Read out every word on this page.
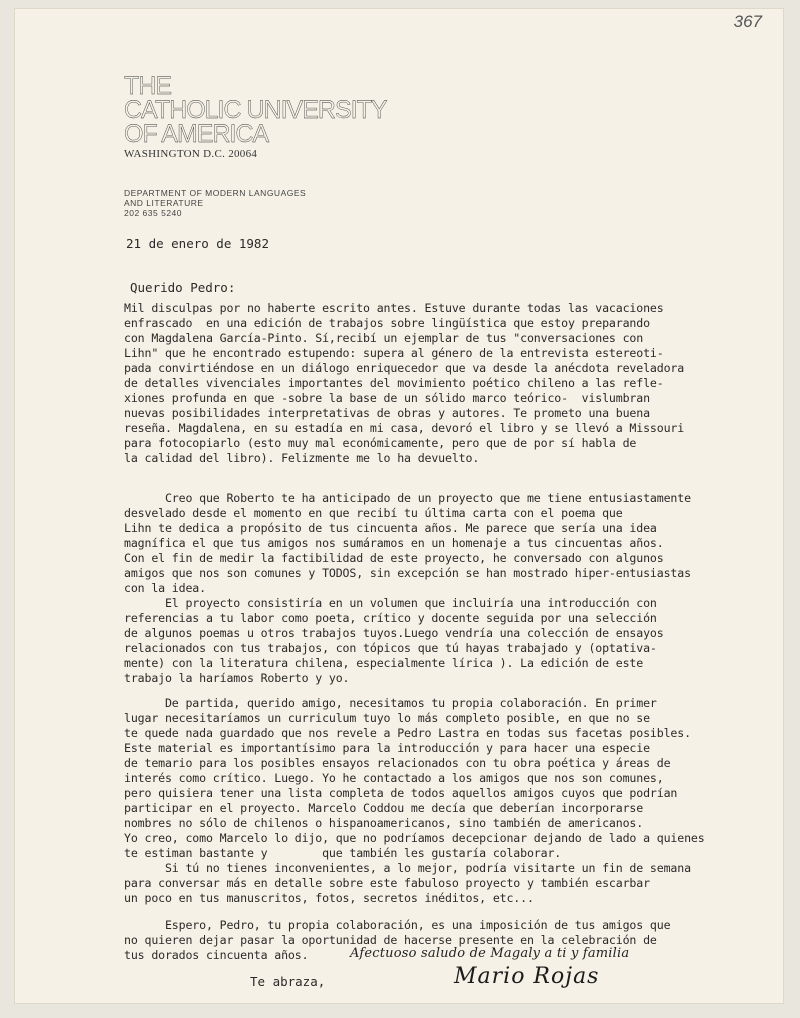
367
THE
CATHOLIC UNIVERSITY
OF AMERICA
WASHINGTON D.C. 20064
DEPARTMENT OF MODERN LANGUAGES
AND LITERATURE
202 635 5240
21 de enero de 1982
Querido Pedro:
Mil disculpas por no haberte escrito antes. Estuve durante todas las vacaciones
enfrascado  en una edición de trabajos sobre lingüística que estoy preparando
con Magdalena García-Pinto. Sí,recibí un ejemplar de tus "conversaciones con
Lihn" que he encontrado estupendo: supera al género de la entrevista estereoti-
pada convirtiéndose en un diálogo enriquecedor que va desde la anécdota reveladora
de detalles vivenciales importantes del movimiento poético chileno a las refle-
xiones profunda en que -sobre la base de un sólido marco teórico-  vislumbran
nuevas posibilidades interpretativas de obras y autores. Te prometo una buena
reseña. Magdalena, en su estadía en mi casa, devoró el libro y se llevó a Missouri
para fotocopiarlo (esto muy mal económicamente, pero que de por sí habla de
la calidad del libro). Felizmente me lo ha devuelto.
Creo que Roberto te ha anticipado de un proyecto que me tiene entusiastamente
desvelado desde el momento en que recibí tu última carta con el poema que
Lihn te dedica a propósito de tus cincuenta años. Me parece que sería una idea
magnífica el que tus amigos nos sumáramos en un homenaje a tus cincuentas años.
Con el fin de medir la factibilidad de este proyecto, he conversado con algunos
amigos que nos son comunes y TODOS, sin excepción se han mostrado hiper-entusiastas
con la idea.
El proyecto consistiría en un volumen que incluiría una introducción con
referencias a tu labor como poeta, crítico y docente seguida por una selección
de algunos poemas u otros trabajos tuyos.Luego vendría una colección de ensayos
relacionados con tus trabajos, con tópicos que tú hayas trabajado y (optativa-
mente) con la literatura chilena, especialmente lírica ). La edición de este
trabajo la haríamos Roberto y yo.
De partida, querido amigo, necesitamos tu propia colaboración. En primer
lugar necesitaríamos un curriculum tuyo lo más completo posible, en que no se
te quede nada guardado que nos revele a Pedro Lastra en todas sus facetas posibles.
Este material es importantísimo para la introducción y para hacer una especie
de temario para los posibles ensayos relacionados con tu obra poética y áreas de
interés como crítico. Luego. Yo he contactado a los amigos que nos son comunes,
pero quisiera tener una lista completa de todos aquellos amigos cuyos que podrían
participar en el proyecto. Marcelo Coddou me decía que deberían incorporarse
nombres no sólo de chilenos o hispanoamericanos, sino también de americanos.
Yo creo, como Marcelo lo dijo, que no podríamos decepcionar dejando de lado a quienes
te estiman bastante y        que también les gustaría colaborar.
Si tú no tienes inconvenientes, a lo mejor, podría visitarte un fin de semana
para conversar más en detalle sobre este fabuloso proyecto y también escarbar
un poco en tus manuscritos, fotos, secretos inéditos, etc...
Espero, Pedro, tu propia colaboración, es una imposición de tus amigos que
no quieren dejar pasar la oportunidad de hacerse presente en la celebración de
tus dorados cincuenta años.	Afectuoso saludo de Magaly a ti y familia
Te abraza,	Mario Rojas
